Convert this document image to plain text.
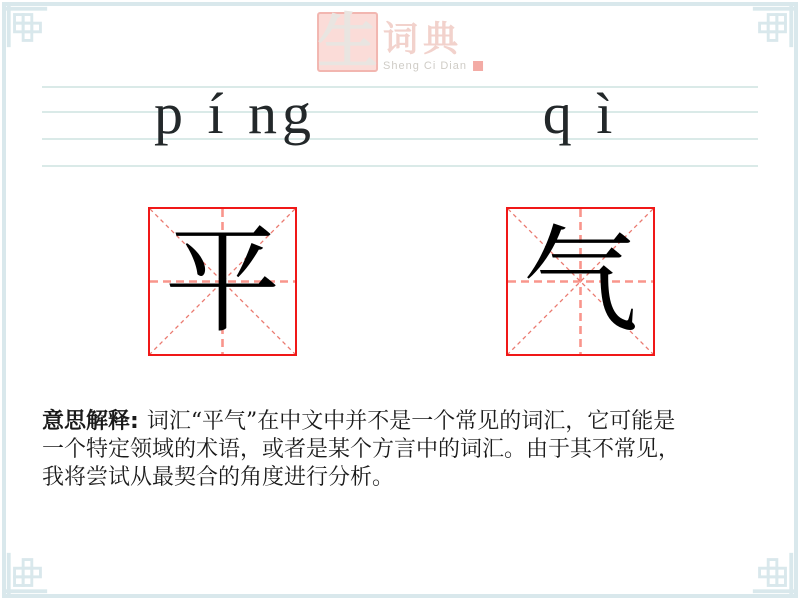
生 词典
Sheng Ci Dian
p í ng	q ì
平 气
意思解释: 词汇“平气”在中文中并不是一个常见的词汇，它可能是
一个特定领域的术语，或者是某个方言中的词汇。由于其不常见，
我将尝试从最契合的角度进行分析。
